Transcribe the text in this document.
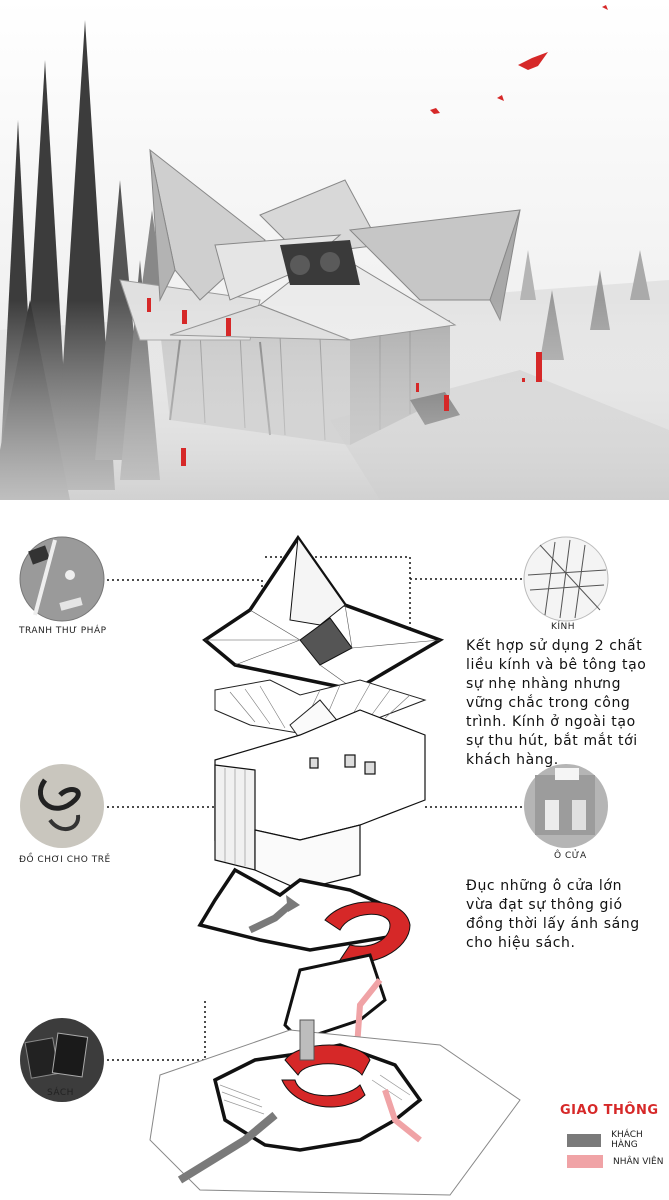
TRANH THƯ PHÁP
ĐỒ CHƠI CHO TRẺ
SÁCH
KÍNH
Ô CỬA
Kết hợp sử dụng 2 chất
liều kính và bê tông tạo
sự nhẹ nhàng nhưng
vững chắc trong công
trình. Kính ở ngoài tạo
sự thu hút, bắt mắt tới
khách hàng.
Đục những ô cửa lớn
vừa đạt sự thông gió
đồng thời lấy ánh sáng
cho hiệu sách.
GIAO THÔNG
KHÁCH HÀNG
NHÂN VIÊN
